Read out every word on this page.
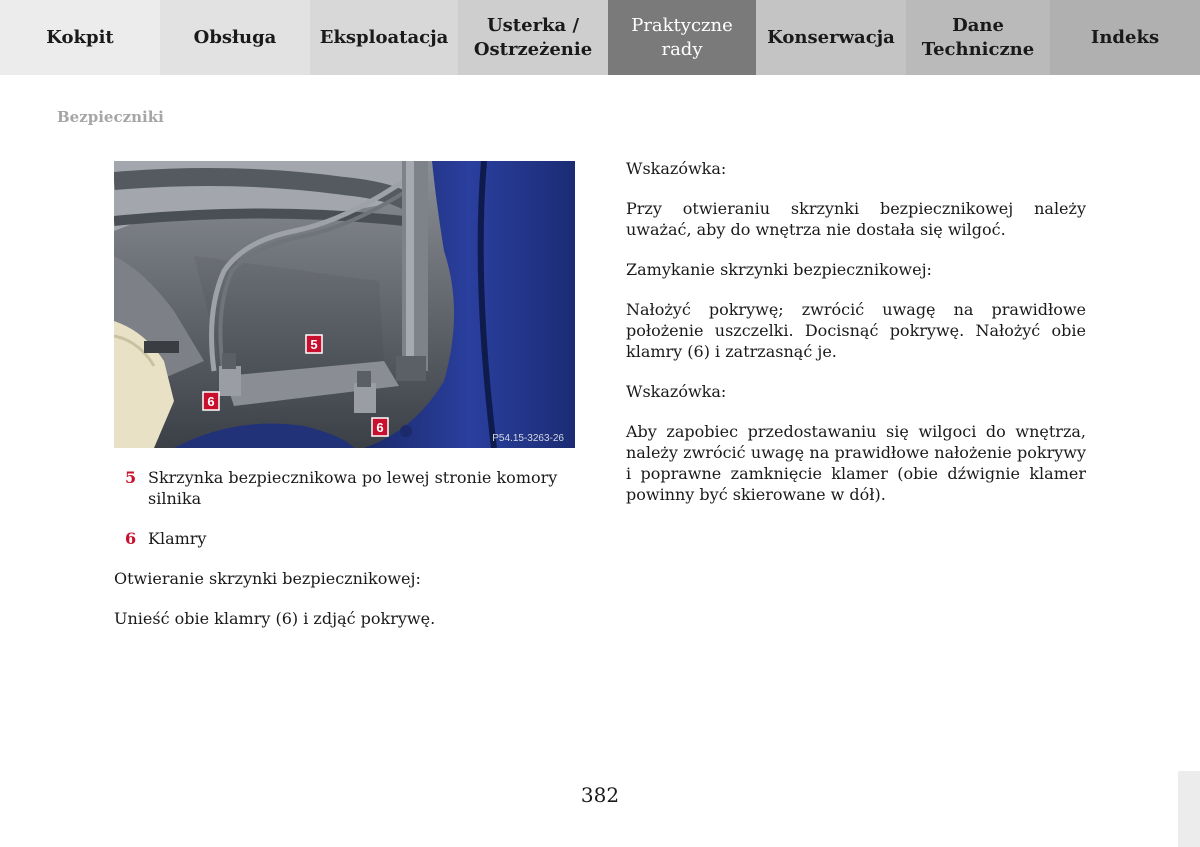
Kokpit	Obsługa	Eksploatacja
Usterka /
Ostrzeżenie
Praktyczne
rady
Konserwacja
Dane
Techniczne
Indeks
Bezpieczniki
5
6
6
P54.15-3263-26
5 Skrzynka bezpiecznikowa po lewej stronie komory silnika
6 Klamry

Otwieranie skrzynki bezpiecznikowej:

Unieść obie klamry (6) i zdjąć pokrywę.

Wskazówka:

Przy otwieraniu skrzynki bezpiecznikowej należy uważać, aby do wnętrza nie dostała się wilgoć.

Zamykanie skrzynki bezpiecznikowej:

Nałożyć pokrywę; zwrócić uwagę na prawidłowe położenie uszczelki. Docisnąć pokrywę. Nałożyć obie klamry (6) i zatrzasnąć je.

Wskazówka:

Aby zapobiec przedostawaniu się wilgoci do wnętrza, należy zwrócić uwagę na prawidłowe nałożenie pokrywy i poprawne zamknięcie klamer (obie dźwignie klamer powinny być skierowane w dół).

382
